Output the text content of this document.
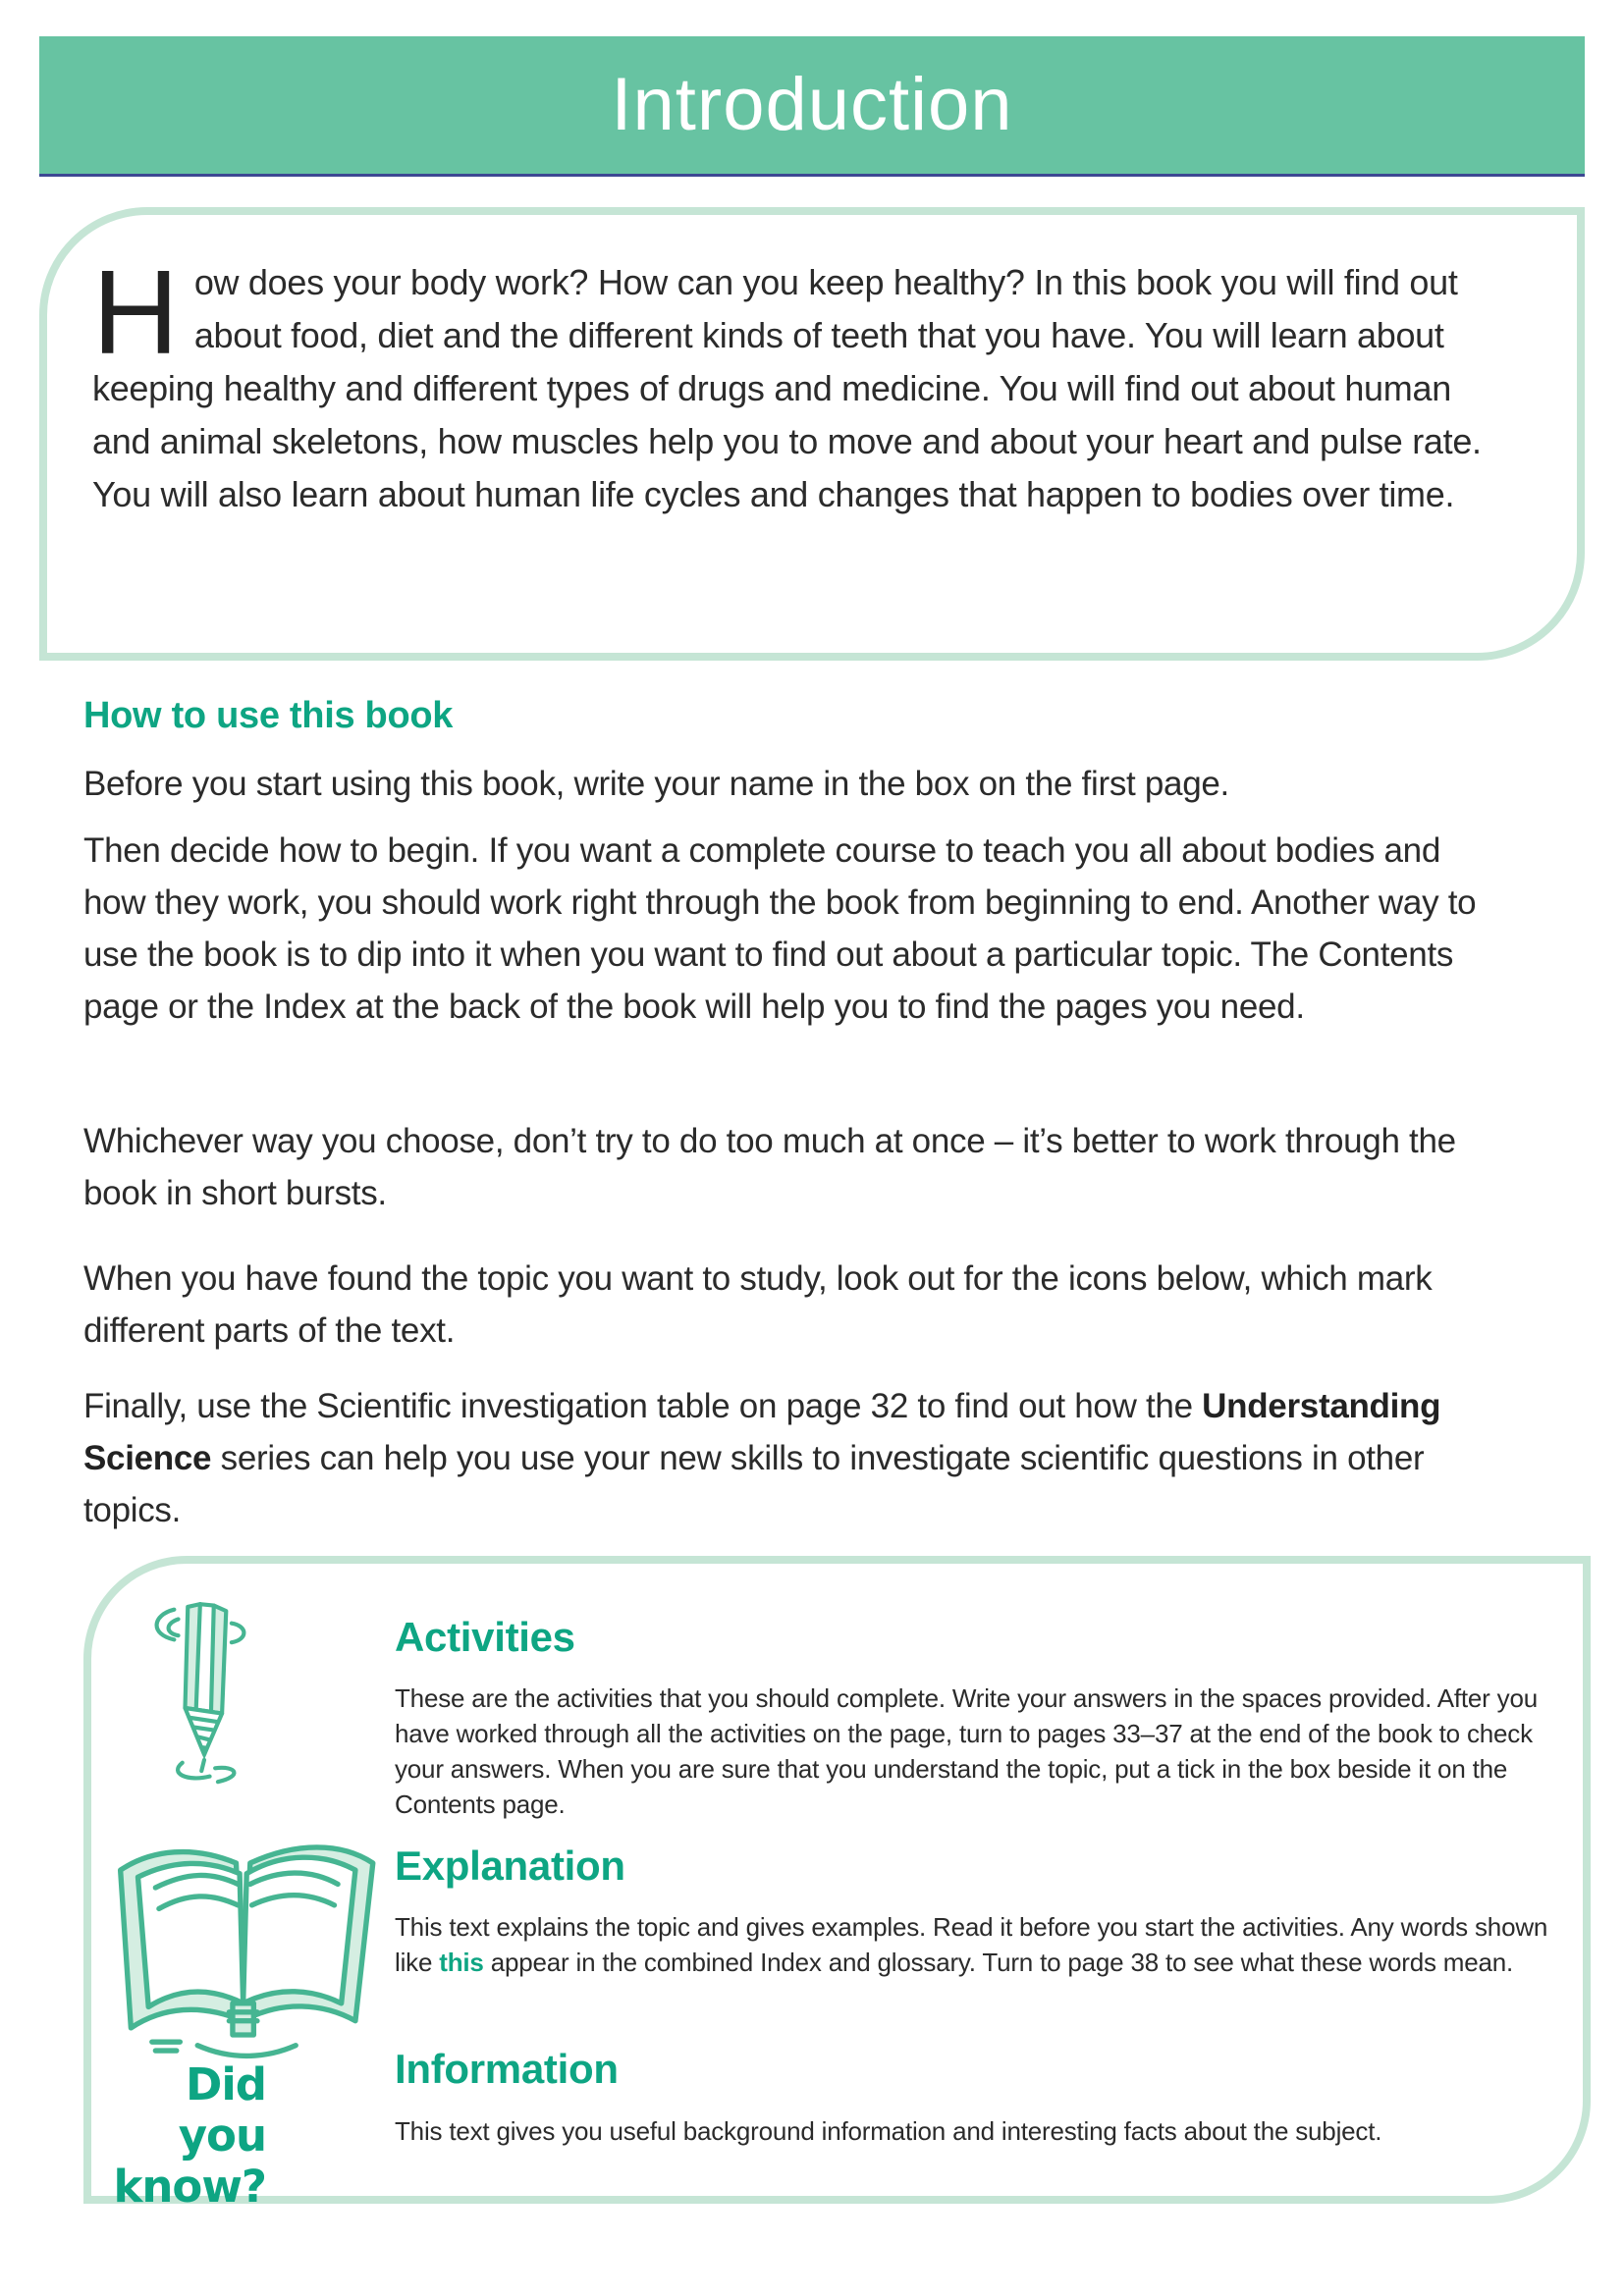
Introduction
How does your body work? How can you keep healthy? In this book you will find out about food, diet and the different kinds of teeth that you have. You will learn about keeping healthy and different types of drugs and medicine. You will find out about human and animal skeletons, how muscles help you to move and about your heart and pulse rate. You will also learn about human life cycles and changes that happen to bodies over time.
How to use this book

Before you start using this book, write your name in the box on the first page.

Then decide how to begin. If you want a complete course to teach you all about bodies and how they work, you should work right through the book from beginning to end. Another way to use the book is to dip into it when you want to find out about a particular topic. The Contents page or the Index at the back of the book will help you to find the pages you need.

Whichever way you choose, don’t try to do too much at once – it’s better to work through the book in short bursts.

When you have found the topic you want to study, look out for the icons below, which mark different parts of the text.

Finally, use the Scientific investigation table on page 32 to find out how the Understanding Science series can help you use your new skills to investigate scientific questions in other topics.

Activities

These are the activities that you should complete. Write your answers in the spaces provided. After you have worked through all the activities on the page, turn to pages 33–37 at the end of the book to check your answers. When you are sure that you understand the topic, put a tick in the box beside it on the Contents page.

Explanation

This text explains the topic and gives examples. Read it before you start the activities. Any words shown like this appear in the combined Index and glossary. Turn to page 38 to see what these words mean.

Did you
know?
Information

This text gives you useful background information and interesting facts about the subject.
